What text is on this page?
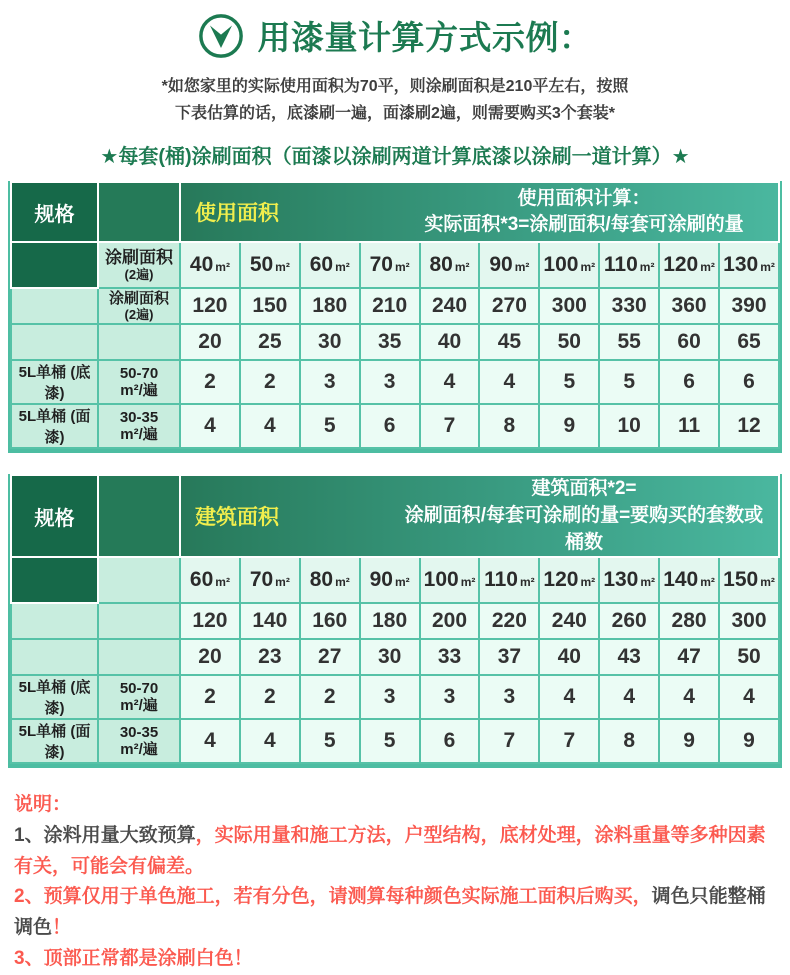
用漆量计算方式示例：
*如您家里的实际使用面积为70平，则涂刷面积是210平左右，按照
下表估算的话，底漆刷一遍，面漆刷2遍，则需要购买3个套装*
★每套(桶)涂刷面积（面漆以涂刷两道计算底漆以涂刷一道计算）★
规格		使用面积
使用面积计算：
实际面积*3=涂刷面积/每套可涂刷的量									

	涂刷面积
(2遍)	40 m²	50 m²	60 m²	70 m²	80 m²	90 m²	100 m²	110 m²	120 m²	130 m²

	涂刷面积
(2遍)	120	150	180	210	240	270	300	330	360	390
		20	25	30	35	40	45	50	55	60	65
5L单桶 (底漆)	50-70
m²/遍	2	2	3	3	4	4	5	5	6	6
5L单桶 (面漆)	30-35
m²/遍	4	4	5	6	7	8	9	10	11	12
规格		建筑面积
建筑面积*2=
涂刷面积/每套可涂刷的量=要购买的套数或桶数									

	60 m²	70 m²	80 m²	90 m²	100 m²	110 m²	120 m²	130 m²	140 m²	150 m²
		120	140	160	180	200	220	240	260	280	300
		20	23	27	30	33	37	40	43	47	50
5L单桶 (底漆)	50-70
m²/遍	2	2	2	3	3	3	4	4	4	4
5L单桶 (面漆)	30-35
m²/遍	4	4	5	5	6	7	7	8	9	9

说明：

1、涂料用量大致预算，实际用量和施工方法，户型结构，底材处理，涂料重量等多种因素有关，可能会有偏差。

2、预算仅用于单色施工，若有分色，请测算每种颜色实际施工面积后购买，调色只能整桶调色！

3、顶部正常都是涂刷白色！
